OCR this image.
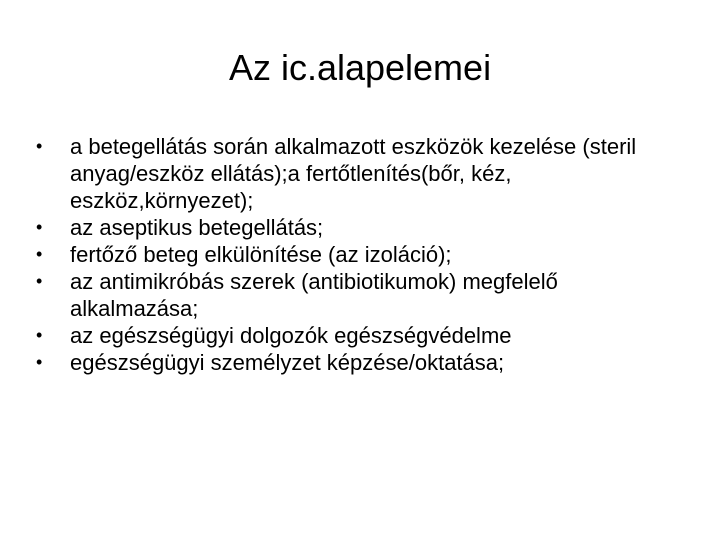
Az ic.alapelemei
•	a betegellátás során alkalmazott eszközök kezelése (steril anyag/eszköz ellátás);a fertőtlenítés(bőr, kéz, eszköz,környezet);
•	az aseptikus betegellátás;
•	fertőző beteg elkülönítése (az izoláció);
•	az antimikróbás szerek (antibiotikumok) megfelelő alkalmazása;
•	az egészségügyi dolgozók egészségvédelme
•	egészségügyi személyzet képzése/oktatása;
